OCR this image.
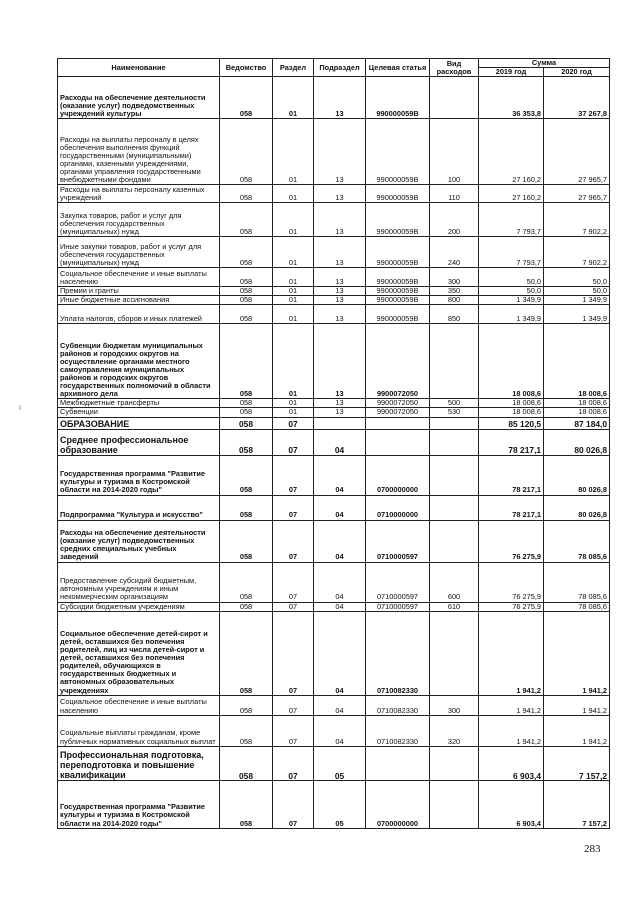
Наименование	Ведомство	Раздел	Подраздел	Целевая статья	Вид расходов	Сумма	
						2019 год	2020 год
Расходы на обеспечение деятельности (оказание услуг) подведомственных учреждений культуры	058	01	13	990000059В		36 353,8	37 267,8
Расходы на выплаты персоналу в целях обеспечения выполнения функций государственными (муниципальными) органами, казенными учреждениями, органами управления государственными внебюджетными фондами	058	01	13	990000059В	100	27 160,2	27 965,7
Расходы на выплаты персоналу казенных учреждений	058	01	13	990000059В	110	27 160,2	27 965,7
Закупка товаров, работ и услуг для обеспечения государственных (муниципальных) нужд	058	01	13	990000059В	200	7 793,7	7 902,2
Иные закупки товаров, работ и услуг для обеспечения государственных (муниципальных) нужд	058	01	13	990000059В	240	7 793,7	7 902,2
Социальное обеспечение и иные выплаты населению	058	01	13	990000059В	300	50,0	50,0
Премии и гранты	058	01	13	990000059В	350	50,0	50,0
Иные бюджетные ассигнования	058	01	13	990000059В	800	1 349,9	1 349,9
Уплата налогов, сборов и иных платежей	058	01	13	990000059В	850	1 349,9	1 349,9
Субвенции бюджетам муниципальных районов и городских округов на осуществление органами местного самоуправления муниципальных районов и городских округов государственных полномочий в области архивного дела	058	01	13	9900072050		18 008,6	18 008,6
Межбюджетные трансферты	058	01	13	9900072050	500	18 008,6	18 008,6
Субвенции	058	01	13	9900072050	530	18 008,6	18 008,6
ОБРАЗОВАНИЕ	058	07				85 120,5	87 184,0
Среднее профессиональное образование	058	07	04			78 217,1	80 026,8
Государственная программа "Развитие культуры и туризма в Костромской области на 2014-2020 годы"	058	07	04	0700000000		78 217,1	80 026,8
Подпрограмма "Культура и искусство"	058	07	04	0710000000		78 217,1	80 026,8
Расходы на обеспечение деятельности (оказание услуг) подведомственных средних специальных учебных заведений	058	07	04	0710000597		76 275,9	78 085,6
Предоставление субсидий бюджетным, автономным учреждениям и иным некоммерческим организациям	058	07	04	0710000597	600	76 275,9	78 085,6
Субсидии бюджетным учреждениям	058	07	04	0710000597	610	76 275,9	78 085,6
Социальное обеспечение детей-сирот и детей, оставшихся без попечения родителей, лиц из числа детей-сирот и детей, оставшихся без попечения родителей, обучающихся в государственных бюджетных и автономных образовательных учреждениях	058	07	04	0710082330		1 941,2	1 941,2
Социальное обеспечение и иные выплаты населению	058	07	04	0710082330	300	1 941,2	1 941,2
Социальные выплаты гражданам, кроме публичных нормативных социальных выплат	058	07	04	0710082330	320	1 941,2	1 941,2
Профессиональная подготовка, переподготовка и повышение квалификации	058	07	05			6 903,4	7 157,2
Государственная программа "Развитие культуры и туризма в Костромской области на 2014-2020 годы"	058	07	05	0700000000		6 903,4	7 157,2
I
283
